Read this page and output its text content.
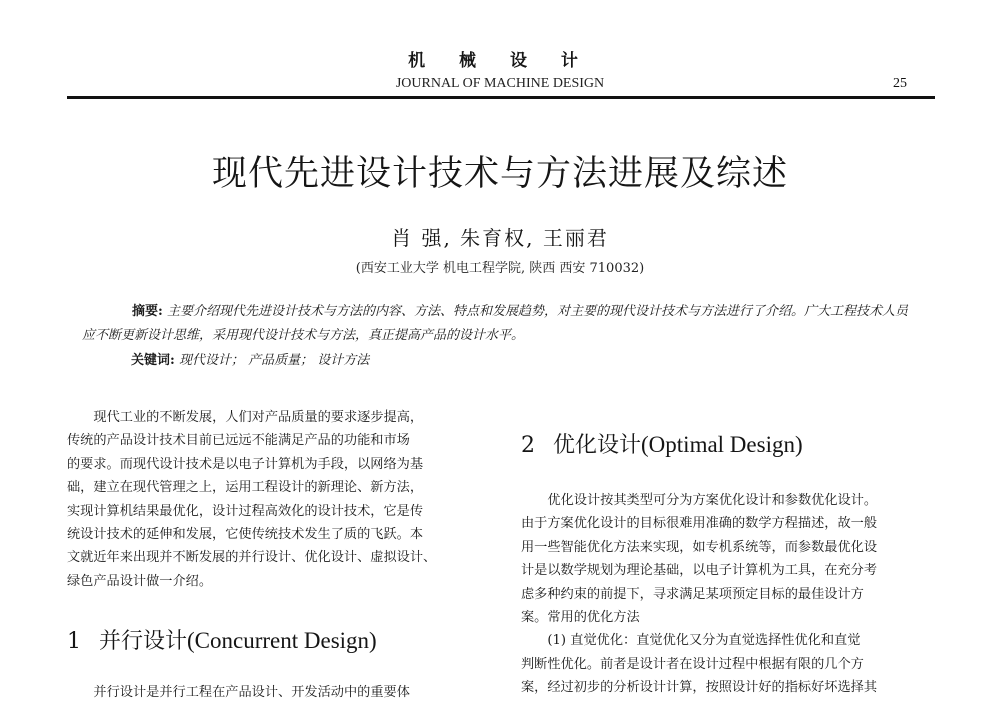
机 械 设 计
JOURNAL OF MACHINE DESIGN	25
现代先进设计技术与方法进展及综述
肖 强, 朱育权, 王丽君
(西安工业大学 机电工程学院, 陕西 西安 710032)
摘要: 主要介绍现代先进设计技术与方法的内容、方法、特点和发展趋势，对主要的现代设计技术与方法进行了介绍。广大工程技术人员应不断更新设计思维，采用现代设计技术与方法，真正提高产品的设计水平。
关键词: 现代设计； 产品质量； 设计方法
现代工业的不断发展，人们对产品质量的要求逐步提高，
传统的产品设计技术目前已远远不能满足产品的功能和市场
的要求。而现代设计技术是以电子计算机为手段，以网络为基
础，建立在现代管理之上，运用工程设计的新理论、新方法，
实现计算机结果最优化，设计过程高效化的设计技术，它是传
统设计技术的延伸和发展，它使传统技术发生了质的飞跃。本
文就近年来出现并不断发展的并行设计、优化设计、虚拟设计、
绿色产品设计做一介绍。
1 并行设计(Concurrent Design)
并行设计是并行工程在产品设计、开发活动中的重要体
2 优化设计(Optimal Design)
优化设计按其类型可分为方案优化设计和参数优化设计。
由于方案优化设计的目标很难用准确的数学方程描述，故一般
用一些智能优化方法来实现，如专机系统等，而参数最优化设
计是以数学规划为理论基础，以电子计算机为工具，在充分考
虑多种约束的前提下，寻求满足某项预定目标的最佳设计方
案。常用的优化方法
(1) 直觉优化：直觉优化又分为直觉选择性优化和直觉
判断性优化。前者是设计者在设计过程中根据有限的几个方
案，经过初步的分析设计计算，按照设计好的指标好坏选择其
